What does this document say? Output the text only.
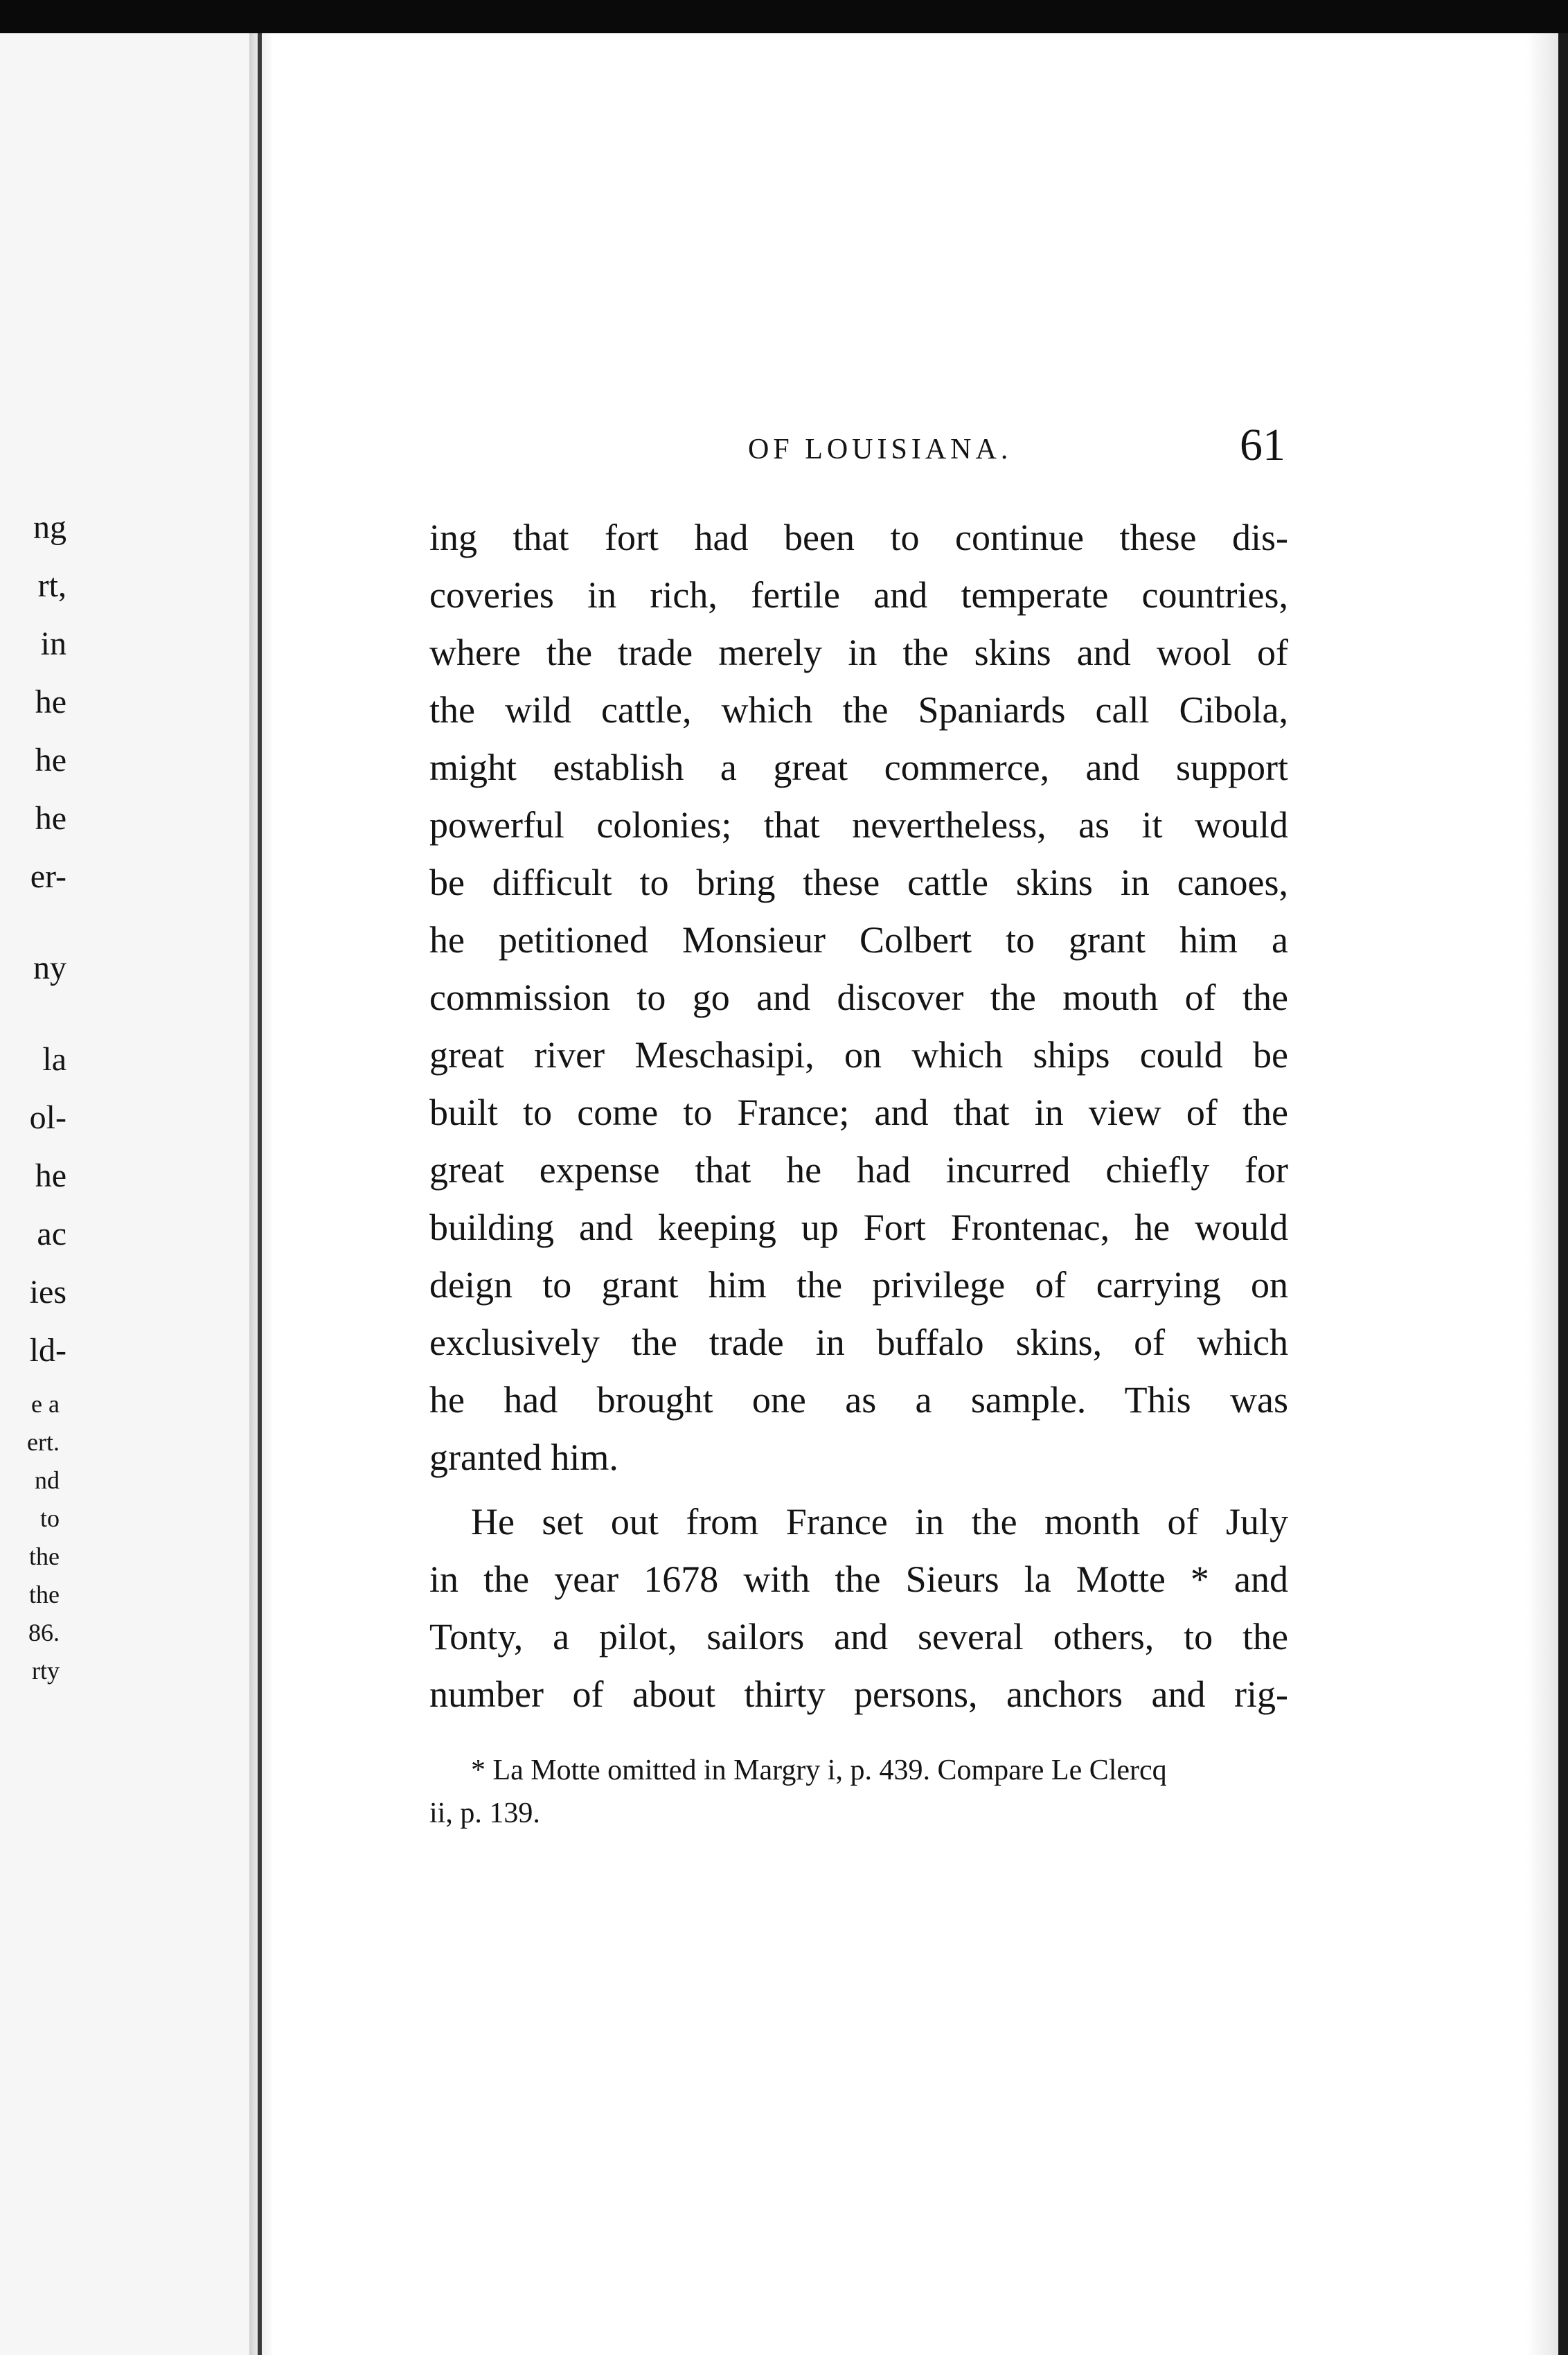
ng
rt,
in
he
he
he
er-
ny
la
ol-
he
ac
ies
ld-
e a
ert.
nd
to
the
the
86.
rty
OF LOUISIANA.	61
ing that fort had been to continue these dis-
coveries in rich, fertile and temperate countries,
where the trade merely in the skins and wool of
the wild cattle, which the Spaniards call Cibola,
might establish a great commerce, and support
powerful colonies; that nevertheless, as it would
be difficult to bring these cattle skins in canoes,
he petitioned Monsieur Colbert to grant him a
commission to go and discover the mouth of the
great river Meschasipi, on which ships could be
built to come to France; and that in view of the
great expense that he had incurred chiefly for
building and keeping up Fort Frontenac, he would
deign to grant him the privilege of carrying on
exclusively the trade in buffalo skins, of which
he had brought one as a sample. This was
granted him.
He set out from France in the month of July
in the year 1678 with the Sieurs la Motte * and
Tonty, a pilot, sailors and several others, to the
number of about thirty persons, anchors and rig-
* La Motte omitted in Margry i, p. 439. Compare Le Clercq
ii, p. 139.
